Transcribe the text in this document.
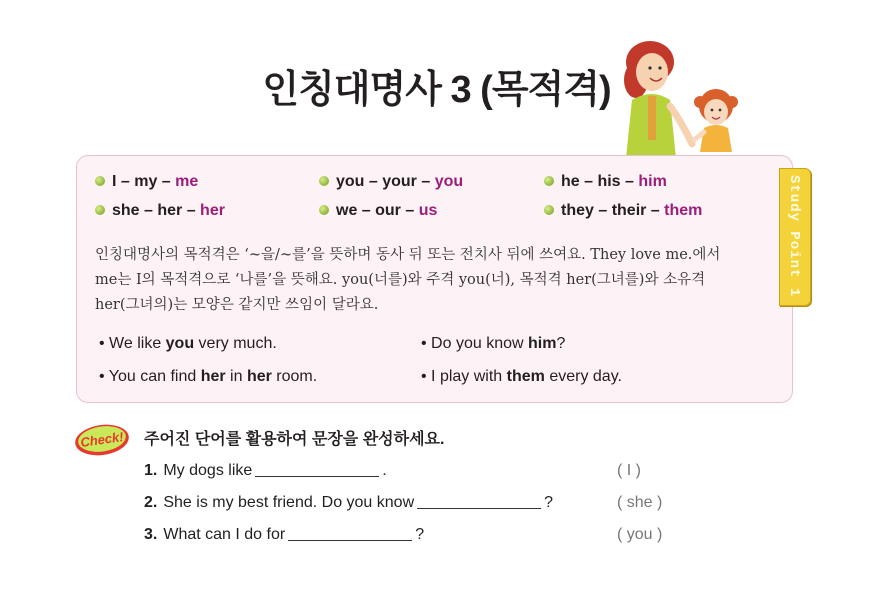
인칭대명사 3 (목적격)
Study Point 1
I – my – me	you – your – you	he – his – him
she – her – her	we – our – us	they – their – them
인칭대명사의 목적격은 ‘~을/~를’을 뜻하며 동사 뒤 또는 전치사 뒤에 쓰여요. They love me.에서
me는 I의 목적격으로 ‘나를’을 뜻해요. you(너를)와 주격 you(너), 목적격 her(그녀를)와 소유격
her(그녀의)는 모양은 같지만 쓰임이 달라요.
• We like you very much.	• Do you know him?
• You can find her in her room.	• I play with them every day.
Check! 주어진 단어를 활용하여 문장을 완성하세요.
1. My dogs like	.	( I )
2. She is my best friend. Do you know	?	( she )
3. What can I do for	?	( you )
